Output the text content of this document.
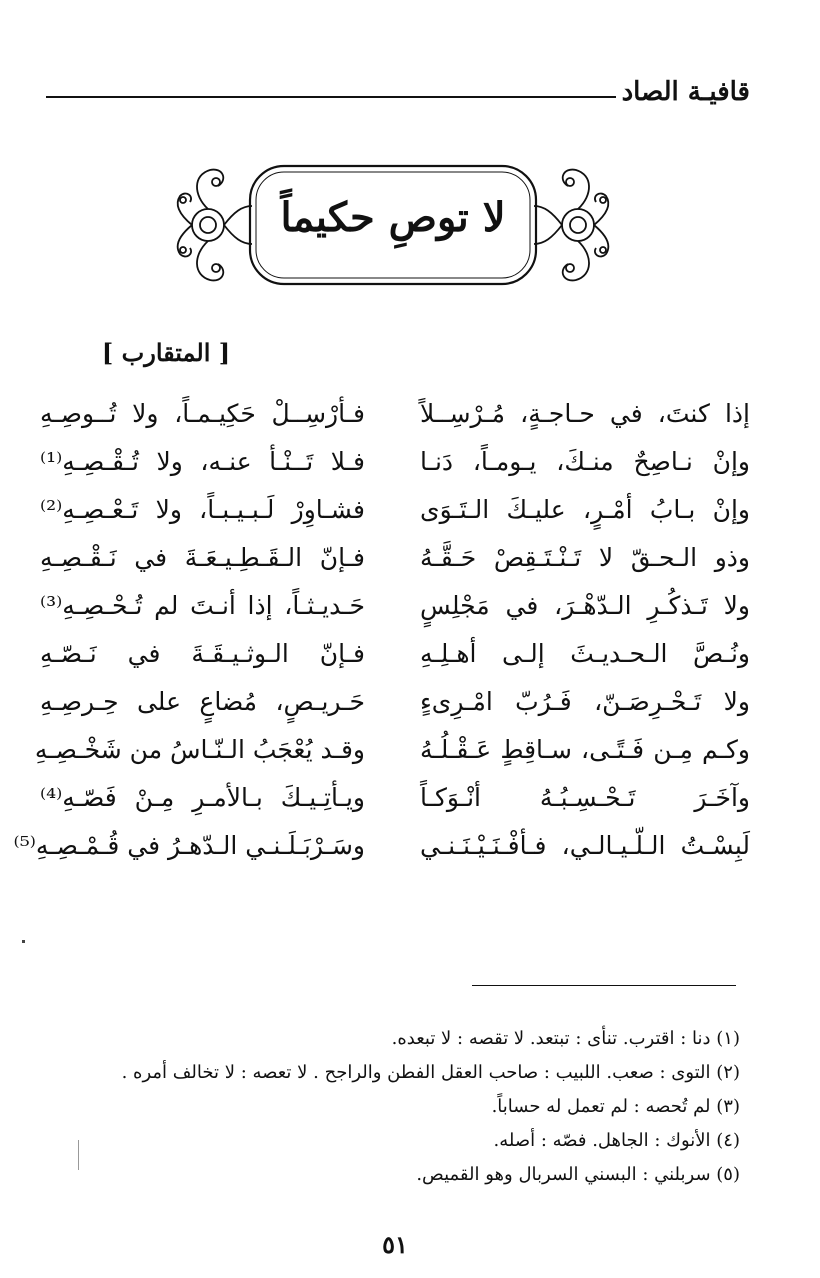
قافيـة الصاد
لا توصِ حكيماً
[ المتقارب ]
إذا كنتَ، في حـاجـةٍ، مُـرْسِــلاً
فـأرْسِــلْ حَكِيـمـاً، ولا تُــوصِـهِ
وإنْ نـاصِحٌ منـكَ، يـومـاً، دَنـا
فـلا تَــنْـأ عنـه، ولا تُـقْـصِـهِ⁽¹⁾
وإنْ بـابُ أمْـرٍ، عليـكَ الـتَـوَى
فشـاوِرْ لَـبـيـبـاً، ولا تَـعْـصِـهِ⁽²⁾
وذو الـحـقّ لا تَـنْـتَـقِصْ حَـقَّـهُ
فـإنّ الـقَـطِـيـعَـةَ في نَـقْـصِـهِ
ولا تَـذكُـرِ الـدّهْـرَ، في مَجْلِسٍ
حَـديـثـاً، إذا أنـتَ لم تُـحْـصِـهِ⁽³⁾
ونُـصَّ الـحـديـثَ إلـى أهـلِـهِ
فـإنّ الـوثـيـقَـةَ في نَـصّـهِ
ولا تَـحْـرِصَـنّ، فَـرُبّ امْـرِىءٍ
حَـريـصٍ، مُضاعٍ على حِـرصِـهِ
وكـم مِـن فَـتًـى، سـاقِطٍ عَـقْـلُـهُ
وقـد يُعْجَبُ الـنّـاسُ من شَخْـصِـهِ
وآخَـرَ تَـحْـسِـبُـهُ أنْـوَكـاً
ويـأتِـيـكَ بـالأمـرِ مِـنْ فَصّـهِ⁽⁴⁾
لَبِسْـتُ الـلّـيـالـي، فـأفْـنَـيْـنَـنـي
وسَـرْبَـلَـنـي الـدّهـرُ في قُـمْـصِـهِ⁽⁵⁾
(١) دنا : اقترب. تنأى : تبتعد. لا تقصه : لا تبعده.
(٢) التوى : صعب. اللبيب : صاحب العقل الفطن والراجح . لا تعصه : لا تخالف أمره .
(٣) لم تُحصه : لم تعمل له حساباً.
(٤) الأنوك : الجاهل. فصّه : أصله.
(٥) سربلني : البسني السربال وهو القميص.
٥١
